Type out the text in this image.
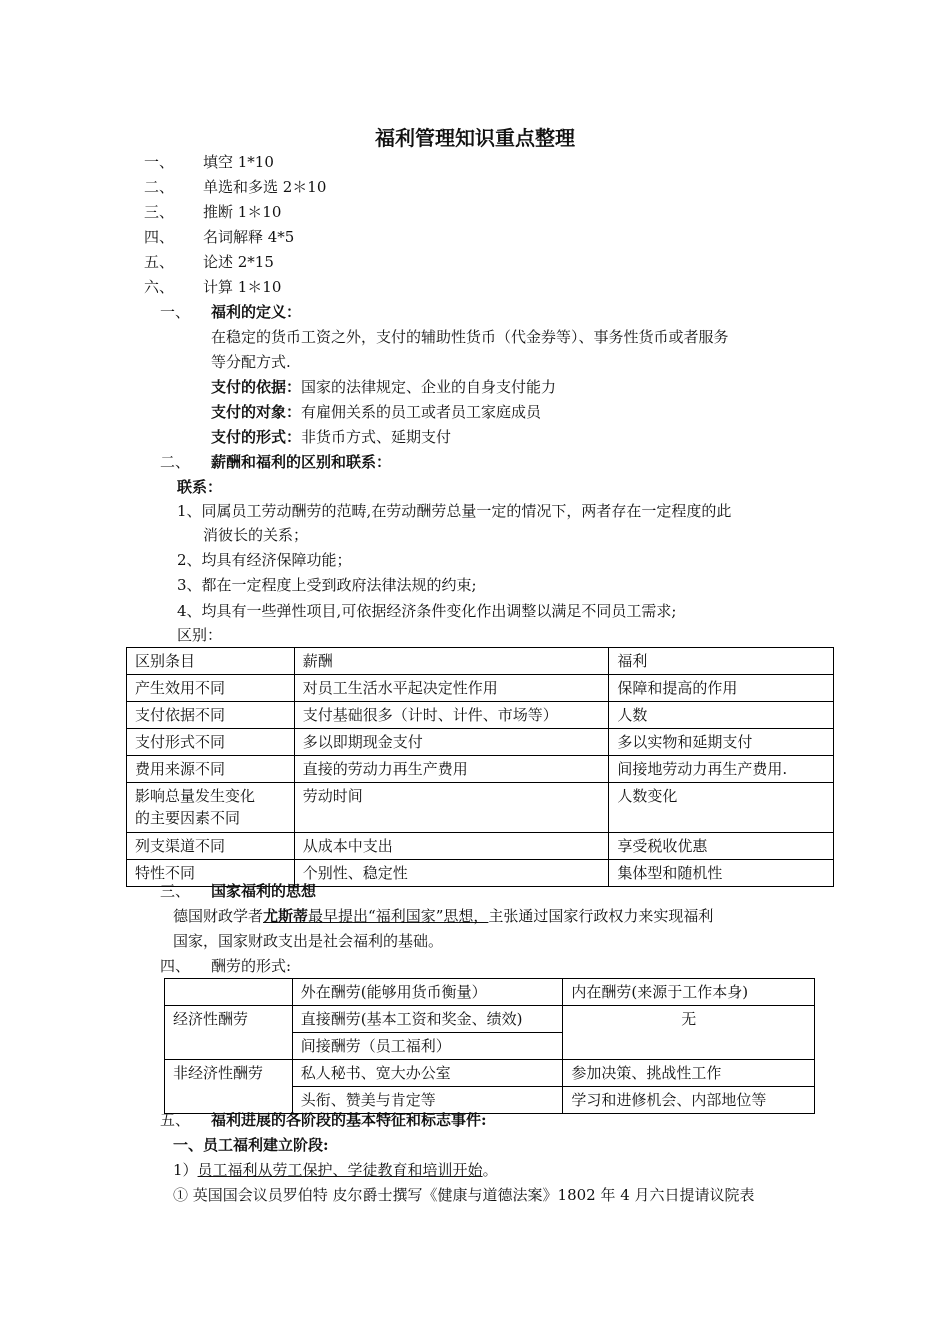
福利管理知识重点整理
一、 填空 1*10
二、 单选和多选 2＊10
三、 推断 1＊10
四、 名词解释 4*5
五、 论述 2*15
六、 计算 1＊10
一、 福利的定义：
在稳定的货币工资之外，支付的辅助性货币（代金券等）、事务性货币或者服务
等分配方式.
支付的依据：国家的法律规定、企业的自身支付能力
支付的对象：有雇佣关系的员工或者员工家庭成员
支付的形式：非货币方式、延期支付
二、 薪酬和福利的区别和联系：
联系：
1、同属员工劳动酬劳的范畴,在劳动酬劳总量一定的情况下，两者存在一定程度的此
消彼长的关系；
2、均具有经济保障功能；
3、都在一定程度上受到政府法律法规的约束;
4、均具有一些弹性项目,可依据经济条件变化作出调整以满足不同员工需求;
区别：
区别条目	薪酬	福利
产生效用不同	对员工生活水平起决定性作用	保障和提高的作用
支付依据不同	支付基础很多（计时、计件、市场等）	人数
支付形式不同	多以即期现金支付	多以实物和延期支付
费用来源不同	直接的劳动力再生产费用	间接地劳动力再生产费用.

影响总量发生变化
的主要因素不同	劳动时间	人数变化
列支渠道不同	从成本中支出	享受税收优惠
特性不同	个别性、稳定性	集体型和随机性
三、 国家福利的思想
德国财政学者尤斯蒂最早提出“福利国家”思想，主张通过国家行政权力来实现福利
国家，国家财政支出是社会福利的基础。
四、 酬劳的形式:
	外在酬劳(能够用货币衡量）	内在酬劳(来源于工作本身)
经济性酬劳	直接酬劳(基本工资和奖金、绩效)	无
	间接酬劳（员工福利）	
非经济性酬劳	私人秘书、宽大办公室	参加决策、挑战性工作
	头衔、赞美与肯定等	学习和进修机会、内部地位等
五、 福利进展的各阶段的基本特征和标志事件:
一、员工福利建立阶段:
1）员工福利从劳工保护、学徒教育和培训开始。
① 英国国会议员罗伯特 皮尔爵士撰写《健康与道德法案》1802 年 4 月六日提请议院表
